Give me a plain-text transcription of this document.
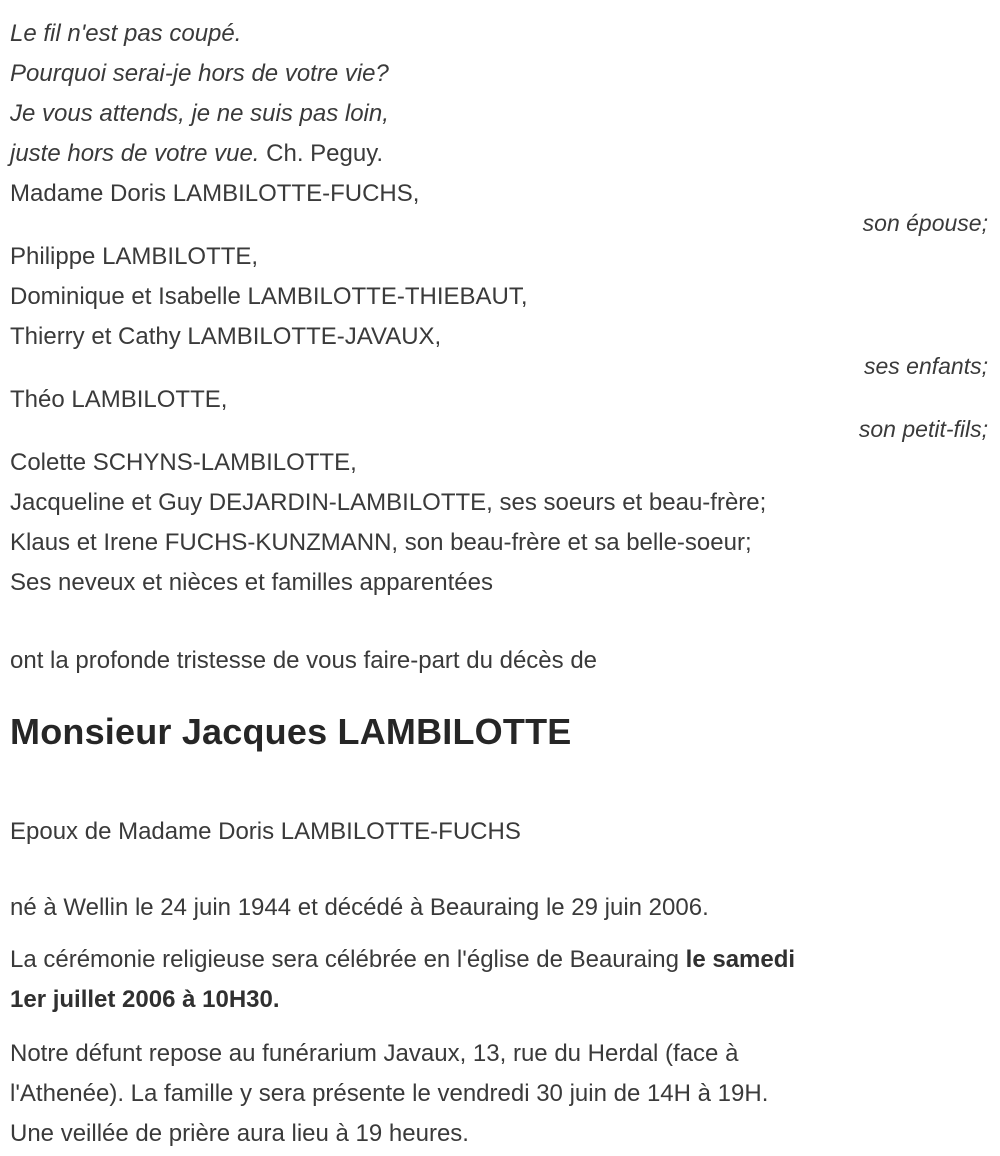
Le fil n'est pas coupé.

Pourquoi serai-je hors de votre vie?

Je vous attends, je ne suis pas loin,

juste hors de votre vue. Ch. Peguy.

Madame Doris LAMBILOTTE-FUCHS,

son épouse;

Philippe LAMBILOTTE,

Dominique et Isabelle LAMBILOTTE-THIEBAUT,

Thierry et Cathy LAMBILOTTE-JAVAUX,

ses enfants;

Théo LAMBILOTTE,

son petit-fils;

Colette SCHYNS-LAMBILOTTE,

Jacqueline et Guy DEJARDIN-LAMBILOTTE, ses soeurs et beau-frère;

Klaus et Irene FUCHS-KUNZMANN, son beau-frère et sa belle-soeur;

Ses neveux et nièces et familles apparentées

ont la profonde tristesse de vous faire-part du décès de

Monsieur Jacques LAMBILOTTE

Epoux de Madame Doris LAMBILOTTE-FUCHS

né à Wellin le 24 juin 1944 et décédé à Beauraing le 29 juin 2006.

La cérémonie religieuse sera célébrée en l'église de Beauraing le samedi

1er juillet 2006 à 10H30.

Notre défunt repose au funérarium Javaux, 13, rue du Herdal (face à

l'Athenée). La famille y sera présente le vendredi 30 juin de 14H à 19H.

Une veillée de prière aura lieu à 19 heures.
